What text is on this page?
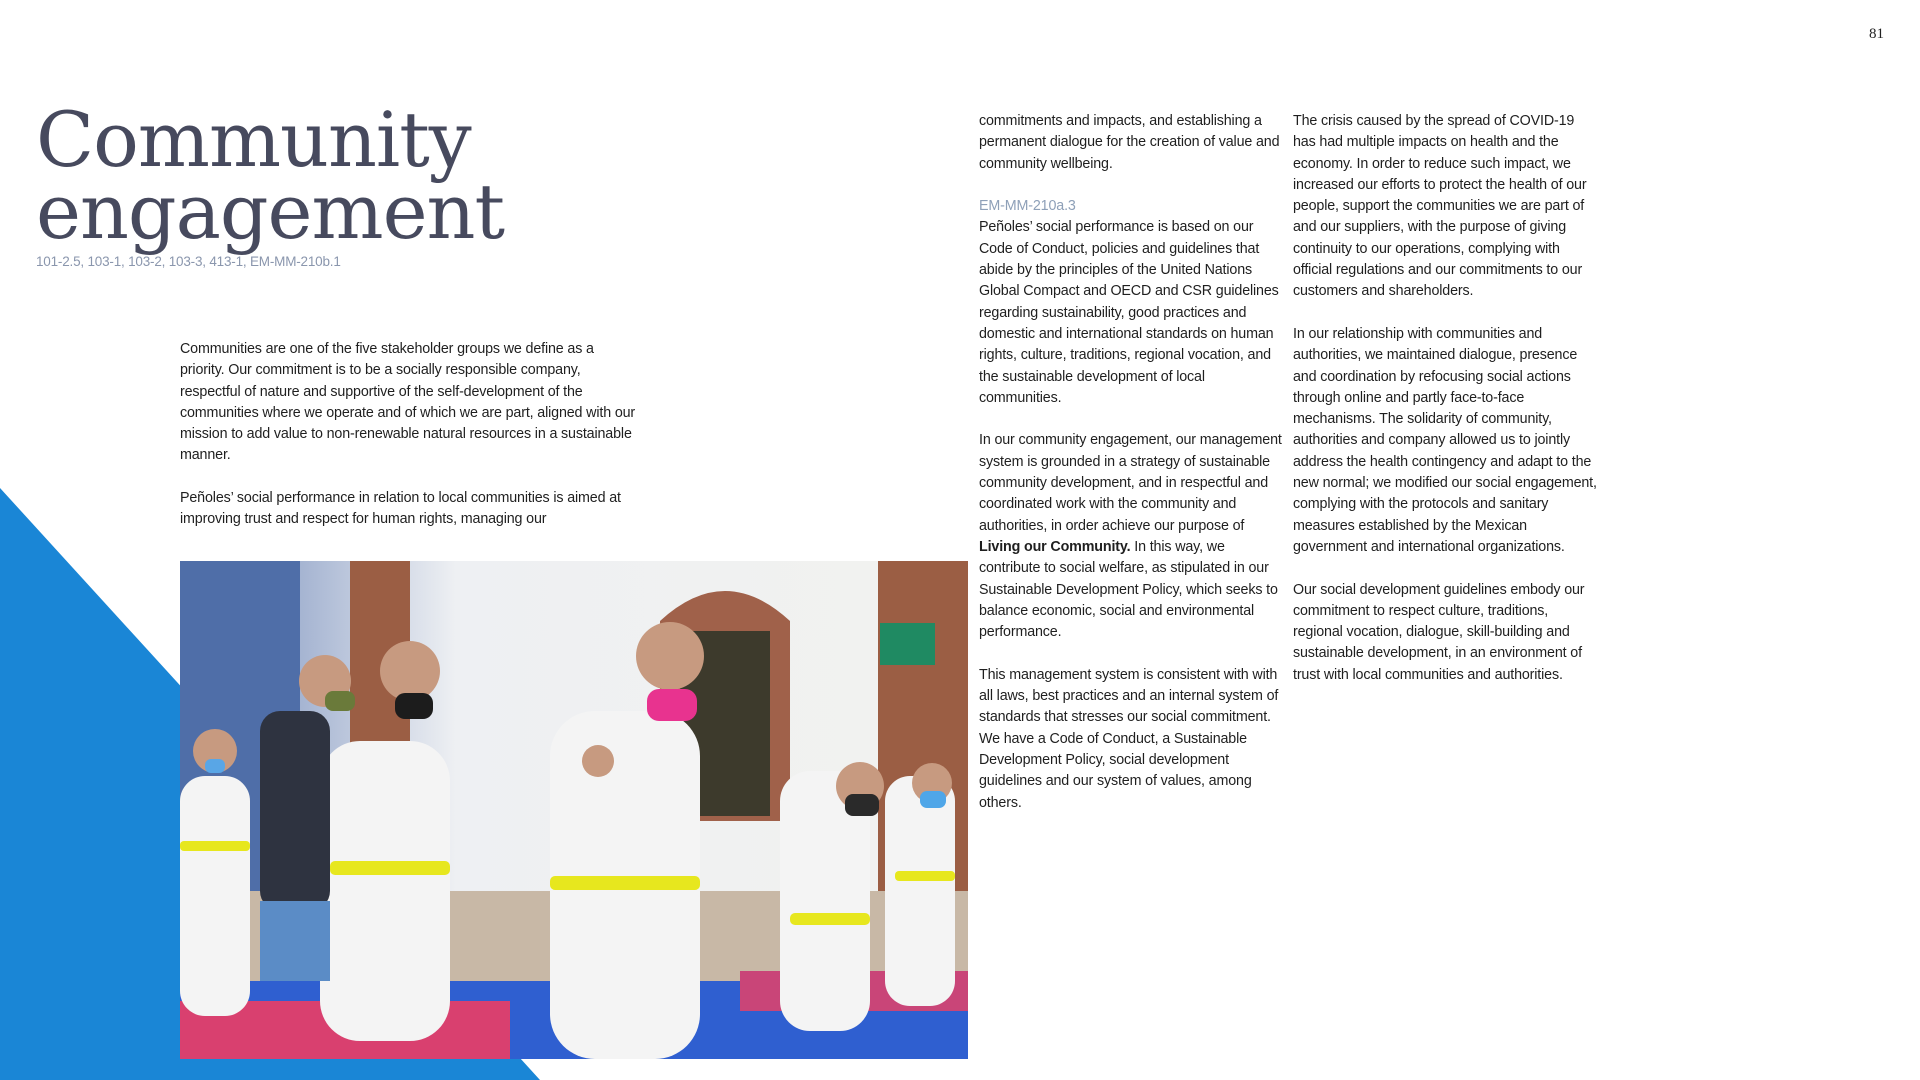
81
Community
engagement
101-2.5, 103-1, 103-2, 103-3, 413-1, EM-MM-210b.1

Communities are one of the five stakeholder groups we define as a priority. Our commitment is to be a socially responsible company, respectful of nature and supportive of the self-development of the communities where we operate and of which we are part, aligned with our mission to add value to non-renewable natural resources in a sustainable manner.

Peñoles’ social performance in relation to local communities is aimed at improving trust and respect for human rights, managing our

commitments and impacts, and establishing a permanent dialogue for the creation of value and community wellbeing.

EM-MM-210a.3
Peñoles’ social performance is based on our Code of Conduct, policies and guidelines that abide by the principles of the United Nations Global Compact and OECD and CSR guidelines regarding sustainability, good practices and domestic and international standards on human rights, culture, traditions, regional vocation, and the sustainable development of local communities.

In our community engagement, our management system is grounded in a strategy of sustainable community development, and in respectful and coordinated work with the community and authorities, in order achieve our purpose of Living our Community. In this way, we contribute to social welfare, as stipulated in our Sustainable Development Policy, which seeks to balance economic, social and environmental performance.

This management system is consistent with with all laws, best practices and an internal system of standards that stresses our social commitment. We have a Code of Conduct, a Sustainable Development Policy, social development guidelines and our system of values, among others.

The crisis caused by the spread of COVID-19 has had multiple impacts on health and the economy. In order to reduce such impact, we increased our efforts to protect the health of our people, support the communities we are part of and our suppliers, with the purpose of giving continuity to our operations, complying with official regulations and our commitments to our customers and shareholders.

In our relationship with communities and authorities, we maintained dialogue, presence and coordination by refocusing social actions through online and partly face-to-face mechanisms. The solidarity of community, authorities and company allowed us to jointly address the health contingency and adapt to the new normal; we modified our social engagement, complying with the protocols and sanitary measures established by the Mexican government and international organizations.

Our social development guidelines embody our commitment to respect culture, traditions, regional vocation, dialogue, skill-building and sustainable development, in an environment of trust with local communities and authorities.
